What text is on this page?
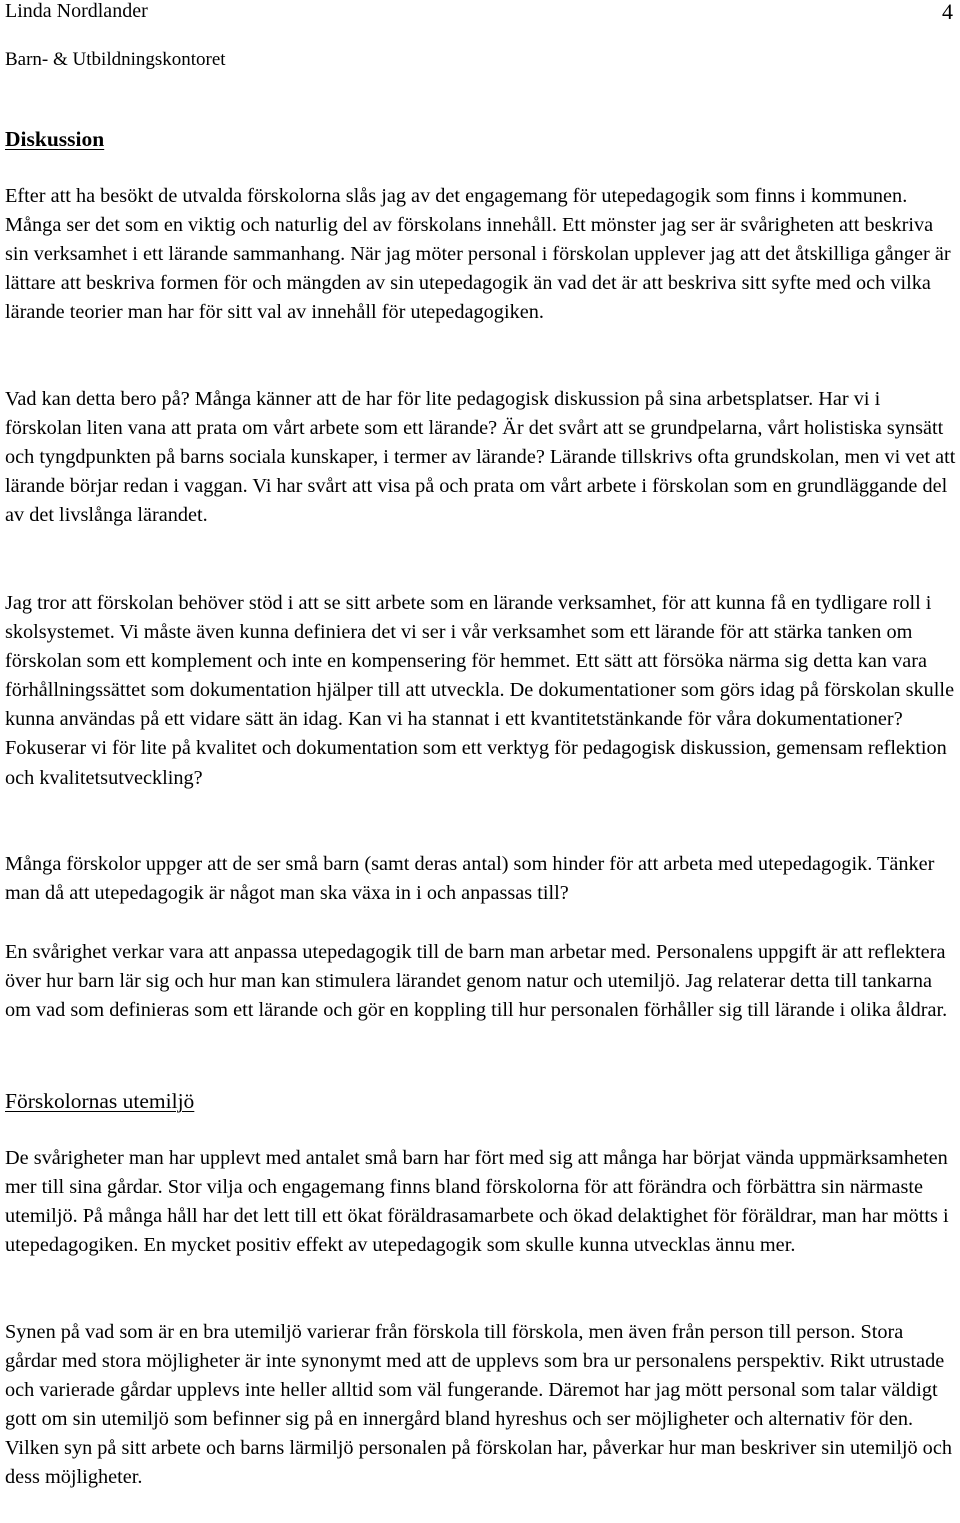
Linda Nordlander	4
Barn- & Utbildningskontoret
Diskussion

Efter att ha besökt de utvalda förskolorna slås jag av det engagemang för utepedagogik som finns i kommunen. Många ser det som en viktig och naturlig del av förskolans innehåll. Ett mönster jag ser är svårigheten att beskriva sin verksamhet i ett lärande sammanhang. När jag möter personal i förskolan upplever jag att det åtskilliga gånger är lättare att beskriva formen för och mängden av sin utepedagogik än vad det är att beskriva sitt syfte med och vilka lärande teorier man har för sitt val av innehåll för utepedagogiken.

Vad kan detta bero på? Många känner att de har för lite pedagogisk diskussion på sina arbetsplatser. Har vi i förskolan liten vana att prata om vårt arbete som ett lärande? Är det svårt att se grundpelarna, vårt holistiska synsätt och tyngdpunkten på barns sociala kunskaper, i termer av lärande? Lärande tillskrivs ofta grundskolan, men vi vet att lärande börjar redan i vaggan. Vi har svårt att visa på och prata om vårt arbete i förskolan som en grundläggande del av det livslånga lärandet.

Jag tror att förskolan behöver stöd i att se sitt arbete som en lärande verksamhet, för att kunna få en tydligare roll i skolsystemet. Vi måste även kunna definiera det vi ser i vår verksamhet som ett lärande för att stärka tanken om förskolan som ett komplement och inte en kompensering för hemmet. Ett sätt att försöka närma sig detta kan vara förhållningssättet som dokumentation hjälper till att utveckla. De dokumentationer som görs idag på förskolan skulle kunna användas på ett vidare sätt än idag. Kan vi ha stannat i ett kvantitetstänkande för våra dokumentationer? Fokuserar vi för lite på kvalitet och dokumentation som ett verktyg för pedagogisk diskussion, gemensam reflektion och kvalitetsutveckling?

Många förskolor uppger att de ser små barn (samt deras antal) som hinder för att arbeta med utepedagogik. Tänker man då att utepedagogik är något man ska växa in i och anpassas till?

En svårighet verkar vara att anpassa utepedagogik till de barn man arbetar med. Personalens uppgift är att reflektera över hur barn lär sig och hur man kan stimulera lärandet genom natur och utemiljö. Jag relaterar detta till tankarna om vad som definieras som ett lärande och gör en koppling till hur personalen förhåller sig till lärande i olika åldrar.

Förskolornas utemiljö

De svårigheter man har upplevt med antalet små barn har fört med sig att många har börjat vända uppmärksamheten mer till sina gårdar. Stor vilja och engagemang finns bland förskolorna för att förändra och förbättra sin närmaste utemiljö. På många håll har det lett till ett ökat föräldrasamarbete och ökad delaktighet för föräldrar, man har mötts i utepedagogiken. En mycket positiv effekt av utepedagogik som skulle kunna utvecklas ännu mer.

Synen på vad som är en bra utemiljö varierar från förskola till förskola, men även från person till person. Stora gårdar med stora möjligheter är inte synonymt med att de upplevs som bra ur personalens perspektiv. Rikt utrustade och varierade gårdar upplevs inte heller alltid som väl fungerande. Däremot har jag mött personal som talar väldigt gott om sin utemiljö som befinner sig på en innergård bland hyreshus och ser möjligheter och alternativ för den. Vilken syn på sitt arbete och barns lärmiljö personalen på förskolan har, påverkar hur man beskriver sin utemiljö och dess möjligheter.
